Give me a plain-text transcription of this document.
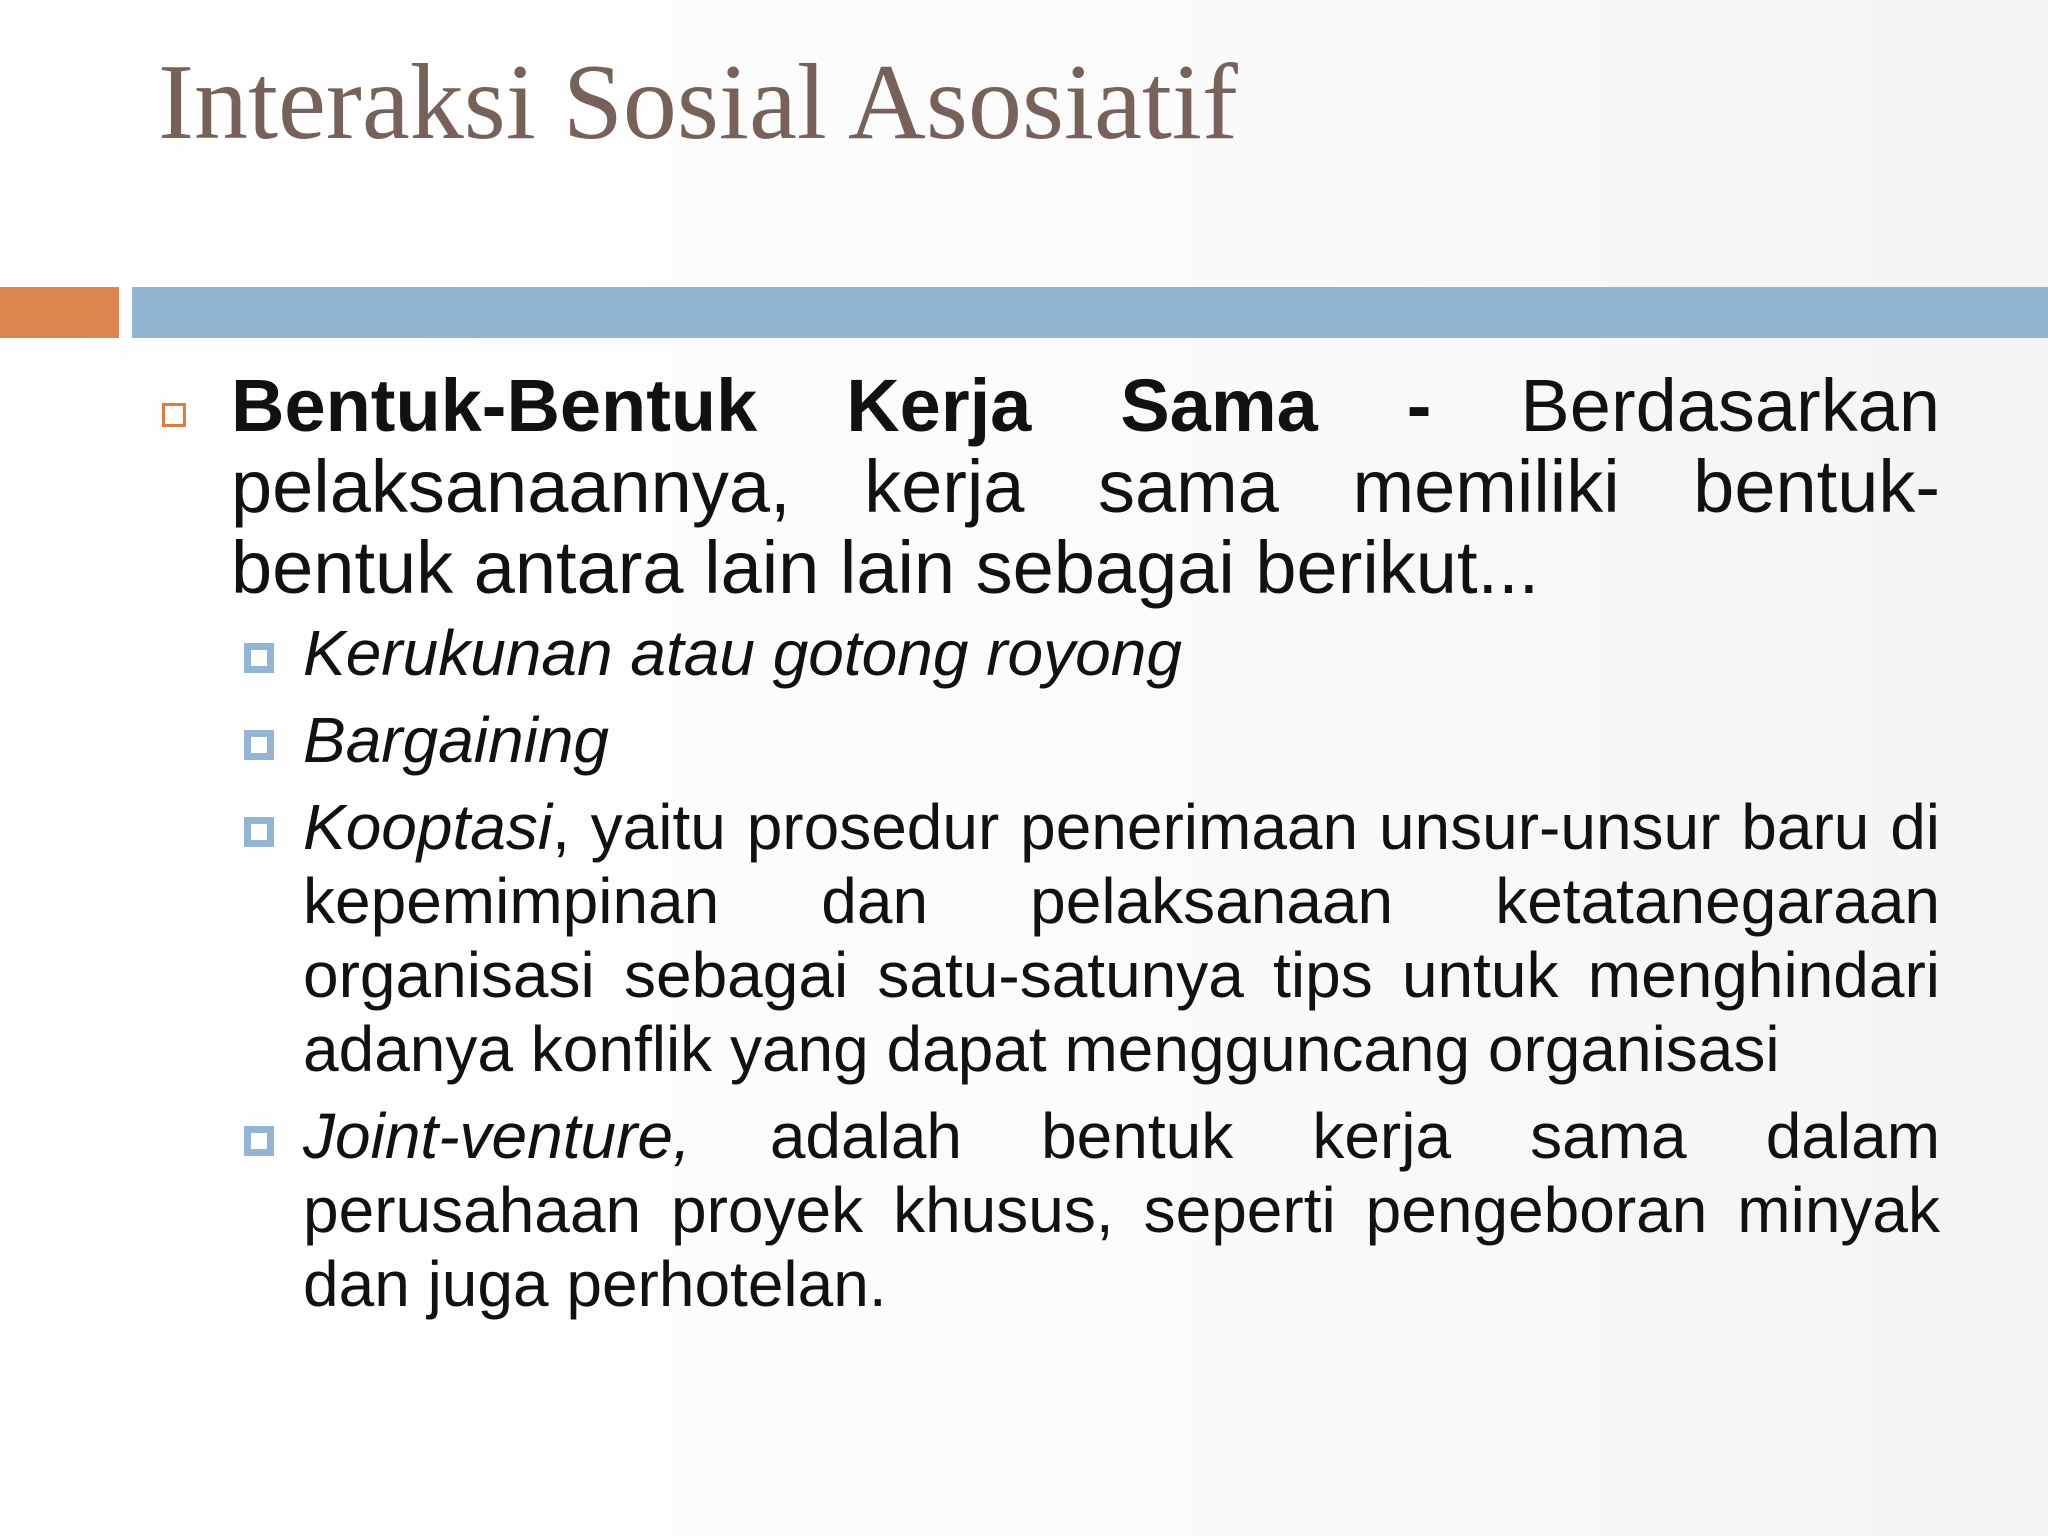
Interaksi Sosial Asosiatif
Bentuk-Bentuk Kerja Sama - Berdasarkan pelaksanaannya, kerja sama memiliki bentuk-bentuk antara lain lain sebagai berikut...
Kerukunan atau gotong royong
Bargaining
Kooptasi, yaitu prosedur penerimaan unsur-unsur baru di kepemimpinan dan pelaksanaan ketatanegaraan organisasi sebagai satu-satunya tips untuk menghindari adanya konflik yang dapat mengguncang organisasi
Joint-venture, adalah bentuk kerja sama dalam perusahaan proyek khusus, seperti pengeboran minyak dan juga perhotelan.
